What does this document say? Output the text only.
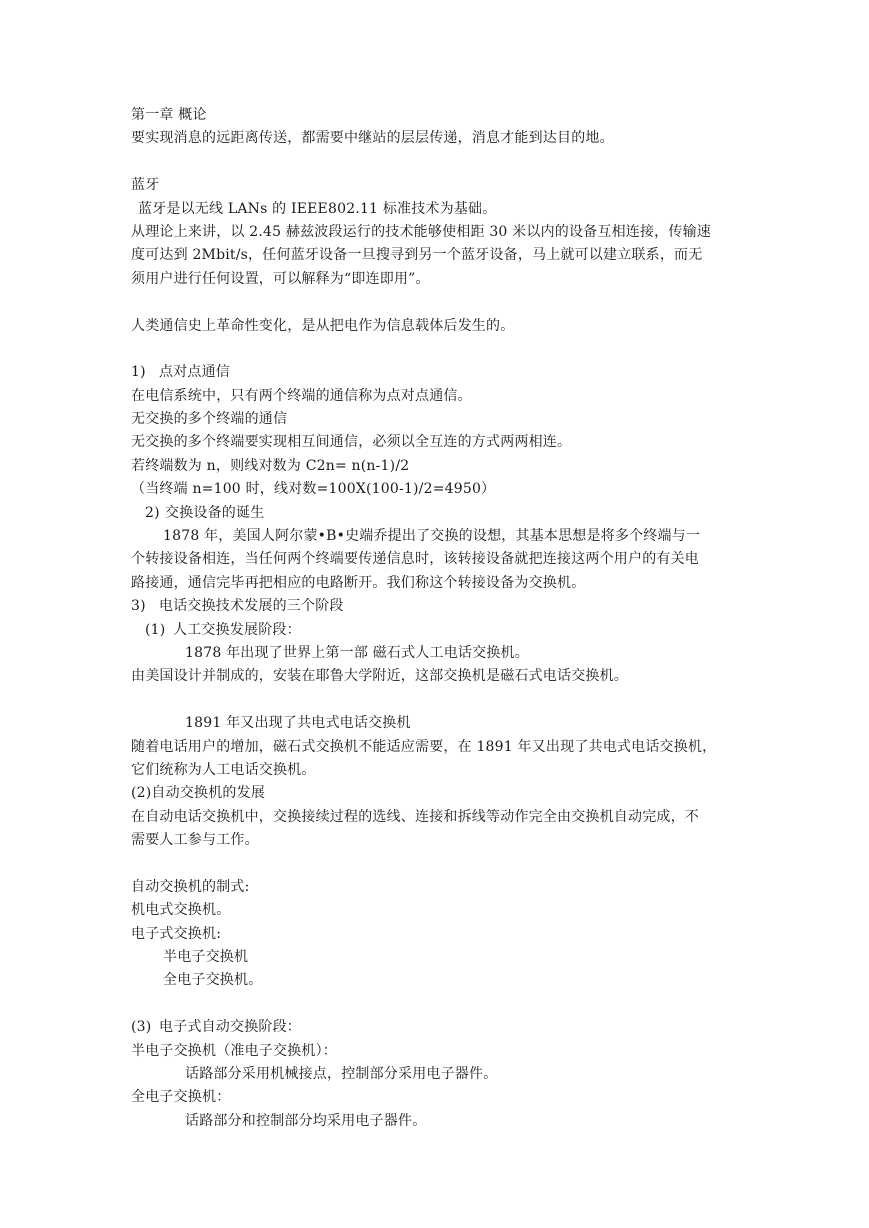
第一章 概论
要实现消息的远距离传送，都需要中继站的层层传递，消息才能到达目的地。
蓝牙
蓝牙是以无线 LANs 的 IEEE802.11 标准技术为基础。
从理论上来讲，以 2.45 赫兹波段运行的技术能够使相距 30 米以内的设备互相连接，传输速
度可达到 2Mbit/s，任何蓝牙设备一旦搜寻到另一个蓝牙设备，马上就可以建立联系，而无
须用户进行任何设置，可以解释为“即连即用”。
人类通信史上革命性变化，是从把电作为信息载体后发生的。
1) 点对点通信
在电信系统中，只有两个终端的通信称为点对点通信。
无交换的多个终端的通信
无交换的多个终端要实现相互间通信，必须以全互连的方式两两相连。
若终端数为 n，则线对数为 C2n= n(n-1)/2
（当终端 n=100 时，线对数=100X(100-1)/2=4950）
2) 交换设备的诞生
1878 年，美国人阿尔蒙•B•史端乔提出了交换的设想，其基本思想是将多个终端与一
个转接设备相连，当任何两个终端要传递信息时，该转接设备就把连接这两个用户的有关电
路接通，通信完毕再把相应的电路断开。我们称这个转接设备为交换机。
3) 电话交换技术发展的三个阶段
(1) 人工交换发展阶段：
1878 年出现了世界上第一部 磁石式人工电话交换机。
由美国设计并制成的，安装在耶鲁大学附近，这部交换机是磁石式电话交换机。
1891 年又出现了共电式电话交换机
随着电话用户的增加，磁石式交换机不能适应需要，在 1891 年又出现了共电式电话交换机，
它们统称为人工电话交换机。
(2)自动交换机的发展
在自动电话交换机中，交换接续过程的选线、连接和拆线等动作完全由交换机自动完成，不
需要人工参与工作。
自动交换机的制式:
机电式交换机。
电子式交换机:
半电子交换机
全电子交换机。
(3) 电子式自动交换阶段：
半电子交换机（准电子交换机）：
话路部分采用机械接点，控制部分采用电子器件。
全电子交换机：
话路部分和控制部分均采用电子器件。
